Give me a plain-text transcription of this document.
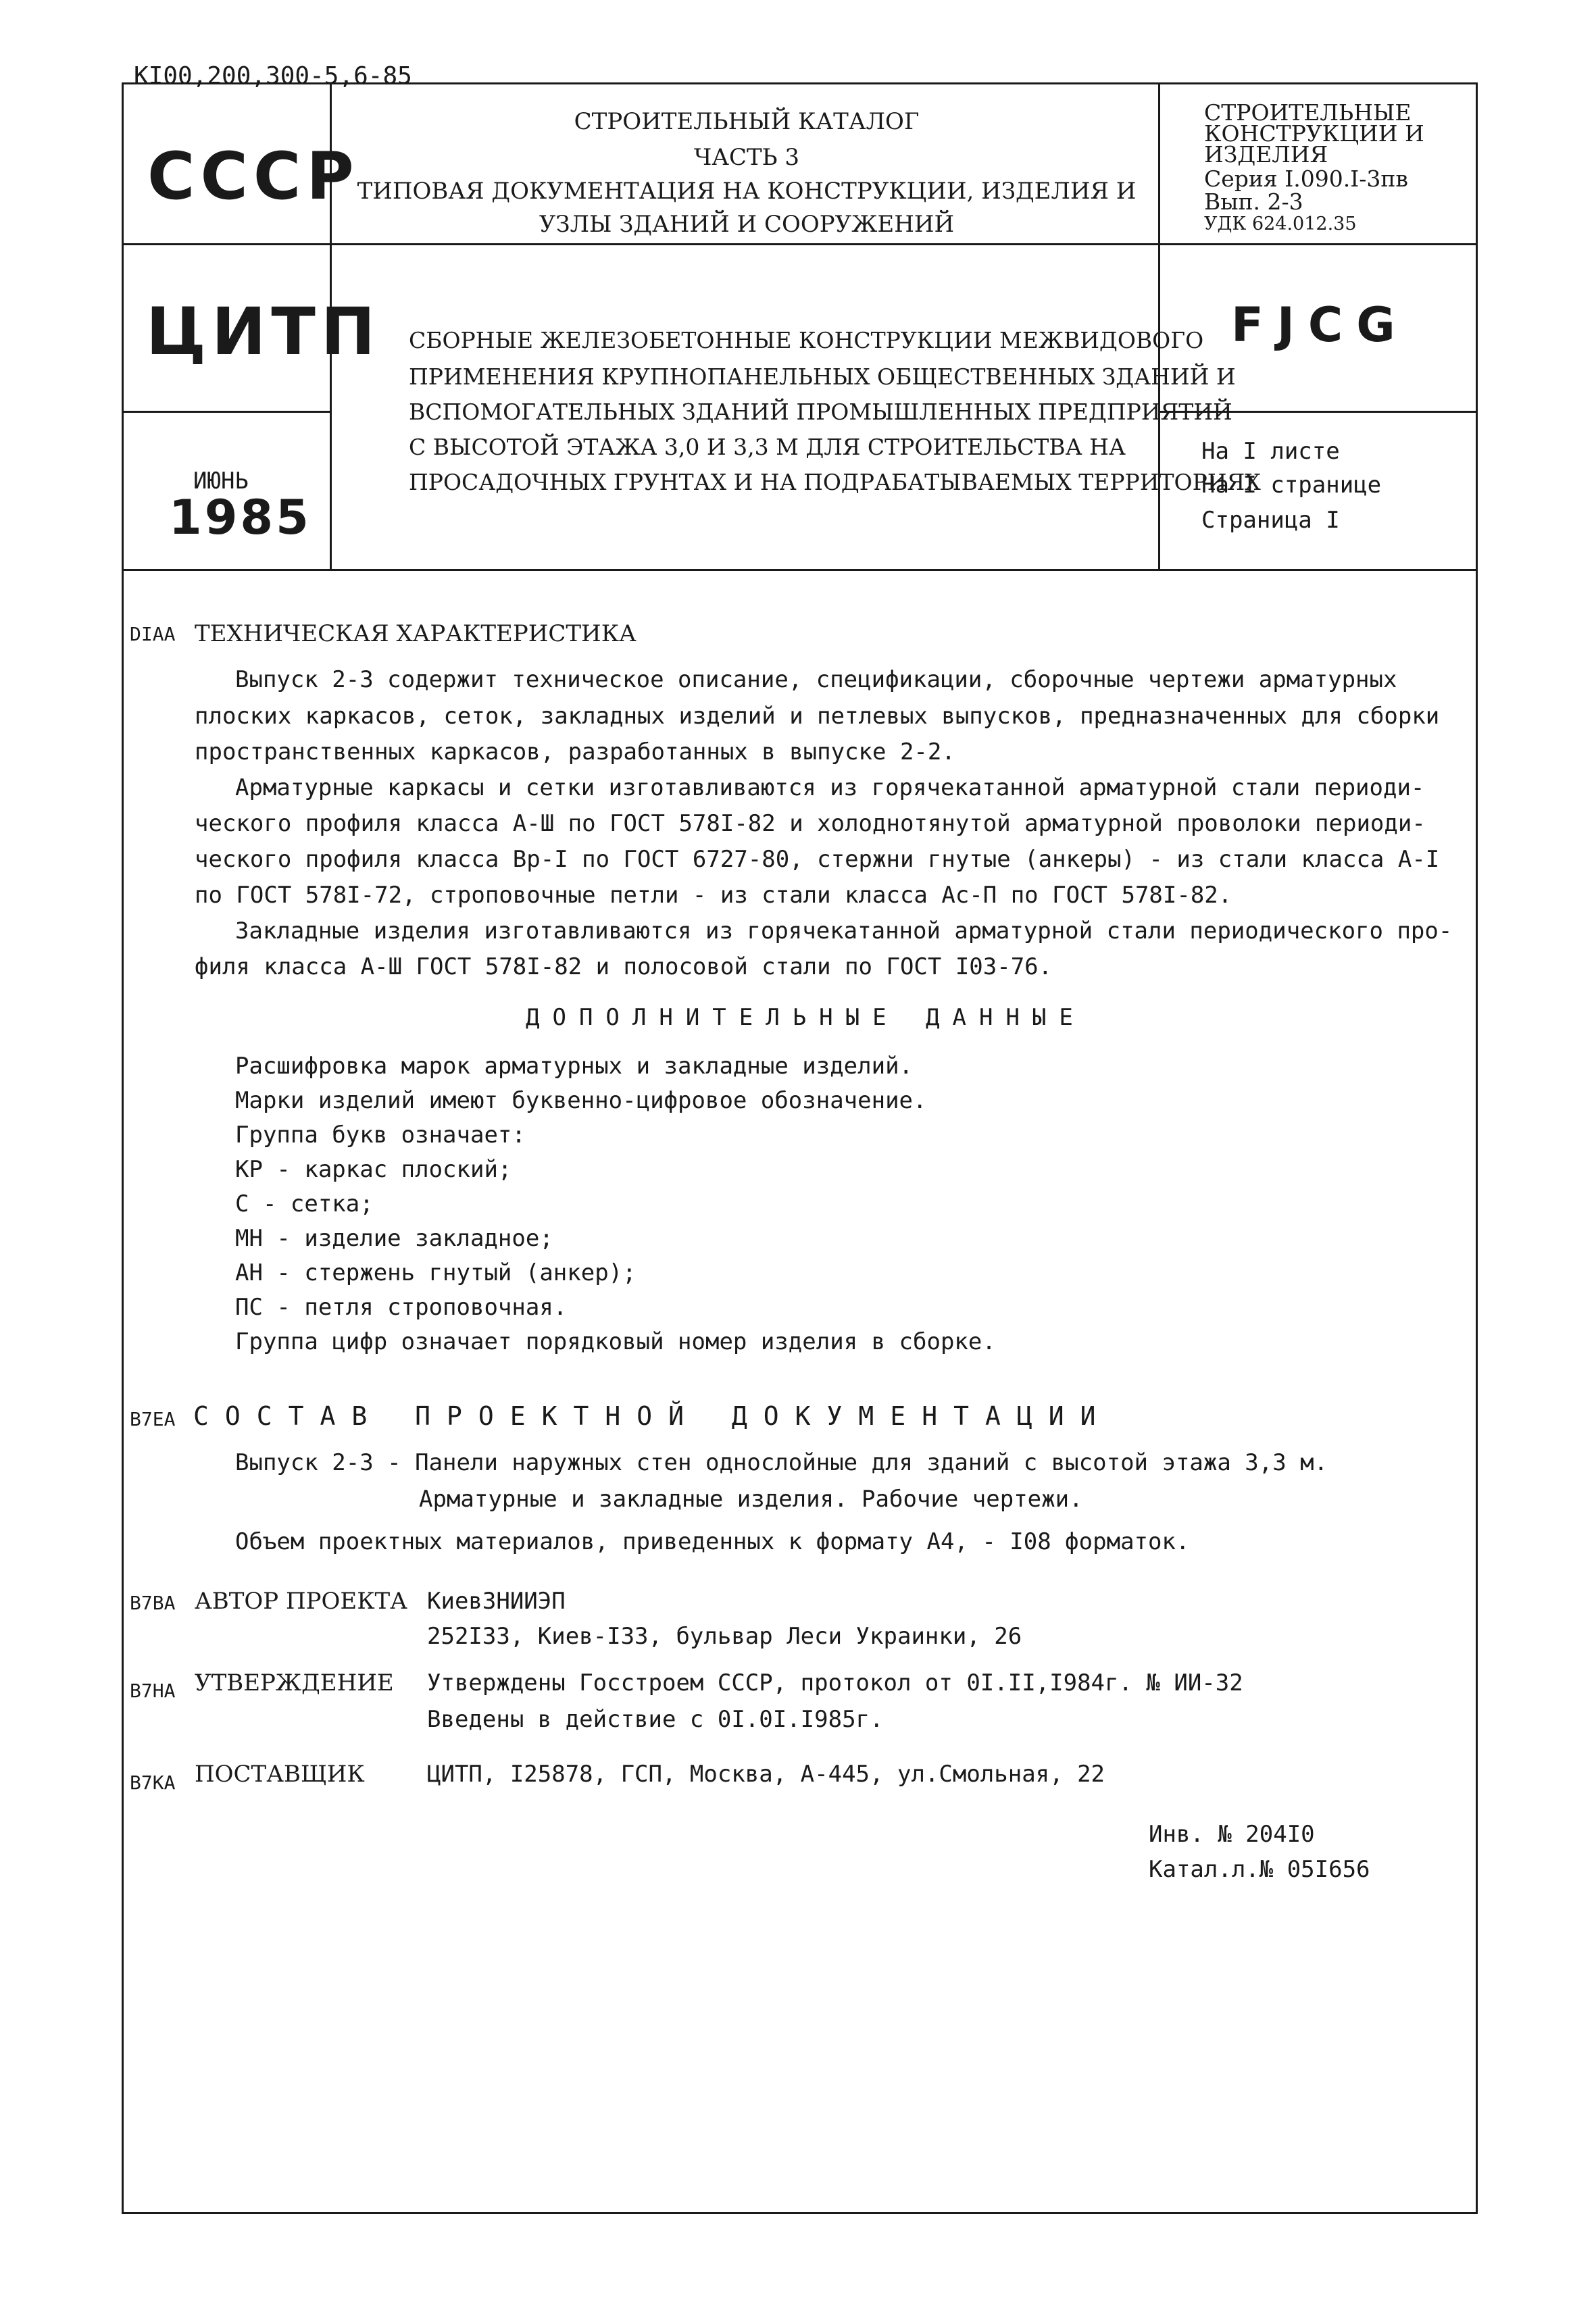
КI00,200,300-5,6-85
СССР
ЦИТП
ИЮНЬ
1985
СТРОИТЕЛЬНЫЙ КАТАЛОГ
ЧАСТЬ 3
ТИПОВАЯ ДОКУМЕНТАЦИЯ НА КОНСТРУКЦИИ, ИЗДЕЛИЯ И
УЗЛЫ ЗДАНИЙ И СООРУЖЕНИЙ
СТРОИТЕЛЬНЫЕ
КОНСТРУКЦИИ И
ИЗДЕЛИЯ
Серия I.090.I-3пв
Вып. 2-3
УДК 624.012.35
FJCG
СБОРНЫЕ ЖЕЛЕЗОБЕТОННЫЕ КОНСТРУКЦИИ МЕЖВИДОВОГО
ПРИМЕНЕНИЯ КРУПНОПАНЕЛЬНЫХ ОБЩЕСТВЕННЫХ ЗДАНИЙ И
ВСПОМОГАТЕЛЬНЫХ ЗДАНИЙ ПРОМЫШЛЕННЫХ ПРЕДПРИЯТИЙ
С ВЫСОТОЙ ЭТАЖА 3,0 И 3,3 М ДЛЯ СТРОИТЕЛЬСТВА НА
ПРОСАДОЧНЫХ ГРУНТАХ И НА ПОДРАБАТЫВАЕМЫХ ТЕРРИТОРИЯХ
На I листе
На I странице
Страница I
DIAA ТЕХНИЧЕСКАЯ ХАРАКТЕРИСТИКА
Выпуск 2-3 содержит техническое описание, спецификации, сборочные чертежи арматурных
плоских каркасов, сеток, закладных изделий и петлевых выпусков, предназначенных для сборки
пространственных каркасов, разработанных в выпуске 2-2.
Арматурные каркасы и сетки изготавливаются из горячекатанной арматурной стали периоди-
ческого профиля класса А-Ш по ГОСТ 578I-82 и холоднотянутой арматурной проволоки периоди-
ческого профиля класса Вр-I по ГОСТ 6727-80, стержни гнутые (анкеры) - из стали класса А-I
по ГОСТ 578I-72, строповочные петли - из стали класса Ас-П по ГОСТ 578I-82.
Закладные изделия изготавливаются из горячекатанной арматурной стали периодического про-
филя класса А-Ш ГОСТ 578I-82 и полосовой стали по ГОСТ I03-76.
ДОПОЛНИТЕЛЬНЫЕ ДАННЫЕ
Расшифровка марок арматурных и закладные изделий.
Марки изделий имеют буквенно-цифровое обозначение.
Группа букв означает:
КР - каркас плоский;
С - сетка;
МН - изделие закладное;
АН - стержень гнутый (анкер);
ПС - петля строповочная.
Группа цифр означает порядковый номер изделия в сборке.
B7EA СОСТАВ ПРОЕКТНОЙ ДОКУМЕНТАЦИИ
Выпуск 2-3 - Панели наружных стен однослойные для зданий с высотой этажа 3,3 м.
Арматурные и закладные изделия. Рабочие чертежи.
Объем проектных материалов, приведенных к формату А4, - I08 форматок.
B7BA АВТОР ПРОЕКТА КиевЗНИИЭП
252I33, Киев-I33, бульвар Леси Украинки, 26
B7HA УТВЕРЖДЕНИЕ Утверждены Госстроем СССР, протокол от 0I.II,I984г. № ИИ-32
Введены в действие с 0I.0I.I985г.
B7KA ПОСТАВЩИК	ЦИТП, I25878, ГСП, Москва, А-445, ул.Смольная, 22
Инв. № 204I0
Катал.л.№ 05I656
